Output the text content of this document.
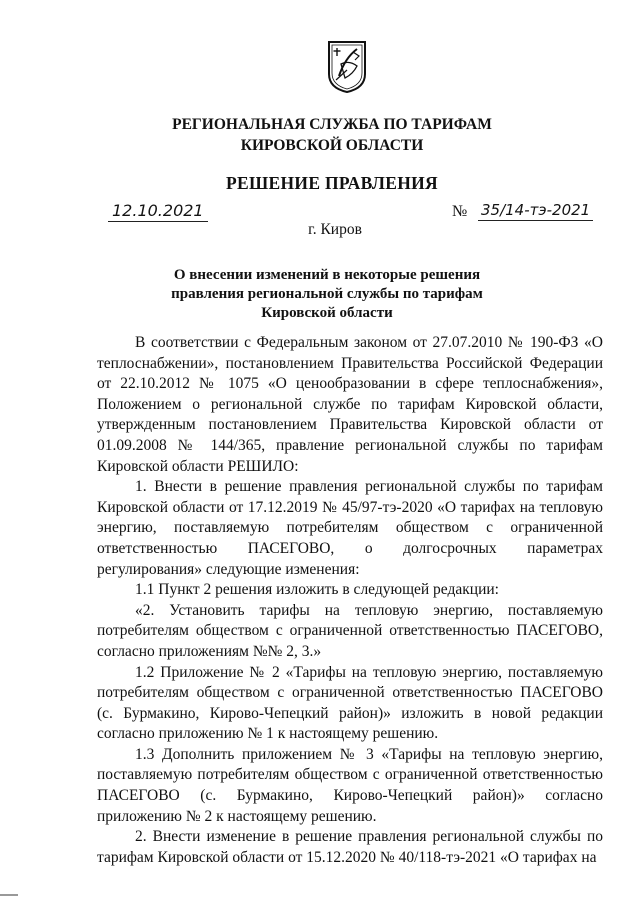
РЕГИОНАЛЬНАЯ СЛУЖБА ПО ТАРИФАМ
КИРОВСКОЙ ОБЛАСТИ
РЕШЕНИЕ ПРАВЛЕНИЯ
12.10.2021	№ 35/14-тэ-2021
г. Киров
О внесении изменений в некоторые решения
правления региональной службы по тарифам
Кировской области

В соответствии с Федеральным законом от 27.07.2010 № 190-ФЗ «О теплоснабжении», постановлением Правительства Российской Федерации от 22.10.2012 № 1075 «О ценообразовании в сфере теплоснабжения», Положением о региональной службе по тарифам Кировской области, утвержденным постановлением Правительства Кировской области от 01.09.2008 № 144/365, правление региональной службы по тарифам Кировской области РЕШИЛО:

1. Внести в решение правления региональной службы по тарифам Кировской области от 17.12.2019 № 45/97-тэ-2020 «О тарифах на тепловую энергию, поставляемую потребителям обществом с ограниченной ответственностью ПАСЕГОВО, о долгосрочных параметрах регулирования» следующие изменения:

1.1 Пункт 2 решения изложить в следующей редакции:

«2. Установить тарифы на тепловую энергию, поставляемую потребителям обществом с ограниченной ответственностью ПАСЕГОВО, согласно приложениям №№ 2, 3.»

1.2 Приложение № 2 «Тарифы на тепловую энергию, поставляемую потребителям обществом с ограниченной ответственностью ПАСЕГОВО (с. Бурмакино, Кирово-Чепецкий район)» изложить в новой редакции согласно приложению № 1 к настоящему решению.

1.3 Дополнить приложением № 3 «Тарифы на тепловую энергию, поставляемую потребителям обществом с ограниченной ответственностью ПАСЕГОВО (с. Бурмакино, Кирово-Чепецкий район)» согласно приложению № 2 к настоящему решению.

2. Внести изменение в решение правления региональной службы по тарифам Кировской области от 15.12.2020 № 40/118-тэ-2021 «О тарифах на
